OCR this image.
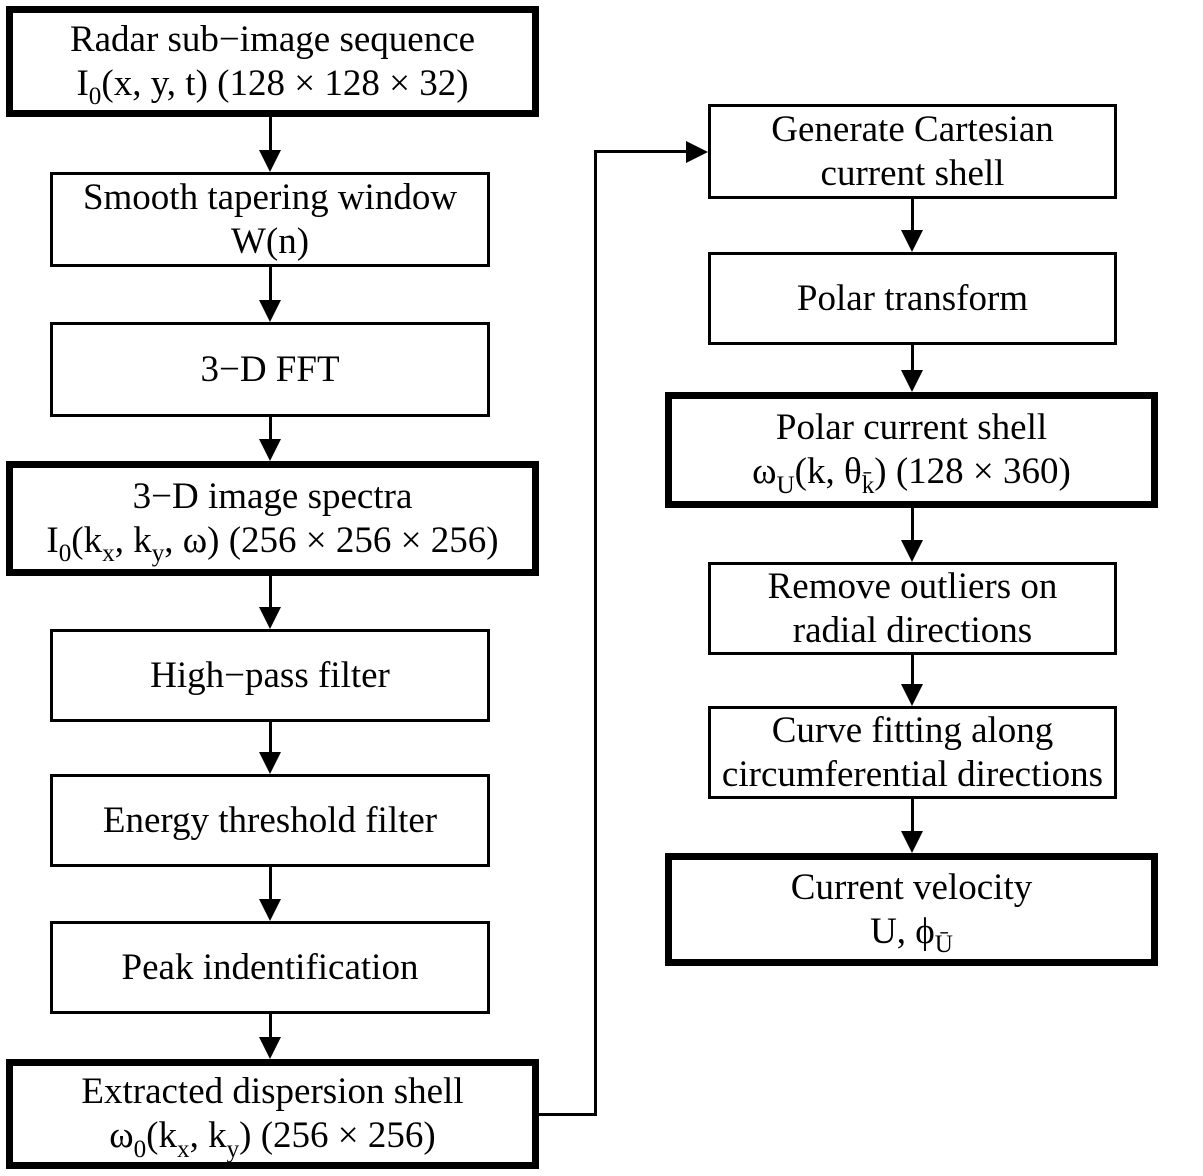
Radar sub−image sequence
$I_0(x$, y, t) (128 × 128 × 32)
Smooth tapering window
W(n)
3−D FFT
3−D image spectra
$I_0(k_x$, $k_y$, ω) (256 × 256 × 256)
High−pass filter
Energy threshold filter
Peak indentification
Extracted dispersion shell
$\omega_0(k_x$, $k_y$) (256 × 256)
Generate Cartesian
current shell
Polar transform
Polar current shell
$\omega_U(k$, $\theta_{k̄}$) (128 × 360)
Remove outliers on
radial directions
Curve fitting along
circumferential directions
Current velocity
U, $\phi_Ū$
